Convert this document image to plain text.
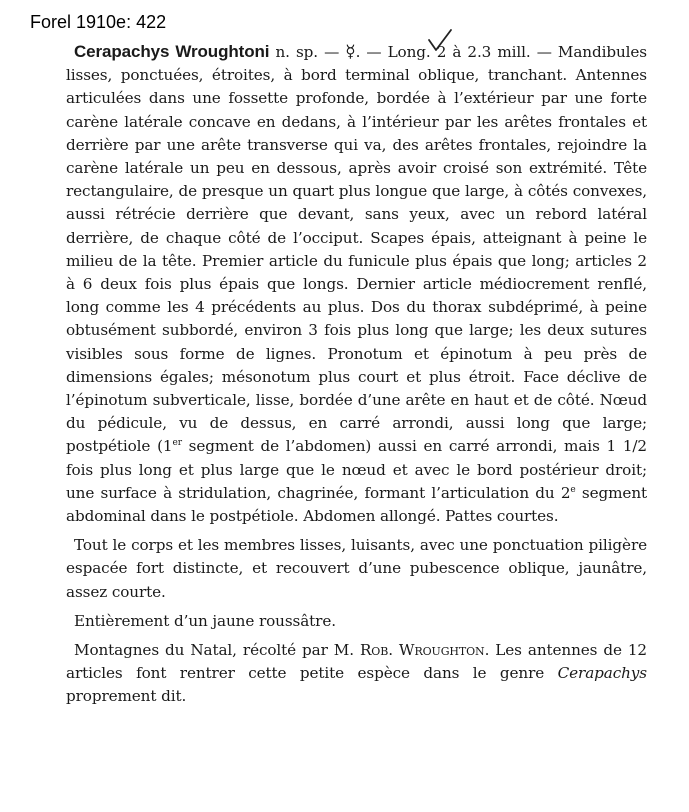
Forel 1910e: 422

Cerapachys Wroughtoni n. sp. — ☿. — Long. 2 à 2.3 mill. — Mandibules lisses, ponctuées, étroites, à bord terminal oblique, tranchant. Antennes articulées dans une fossette profonde, bordée à l’extérieur par une forte carène latérale concave en dedans, à l’intérieur par les arêtes frontales et derrière par une arête transverse qui va, des arêtes frontales, rejoindre la carène latérale un peu en dessous, après avoir croisé son extrémité. Tête rectangulaire, de presque un quart plus longue que large, à côtés convexes, aussi rétrécie derrière que devant, sans yeux, avec un rebord latéral derrière, de chaque côté de l’occiput. Scapes épais, atteignant à peine le milieu de la tête. Premier article du funicule plus épais que long; articles 2 à 6 deux fois plus épais que longs. Dernier article médiocrement renflé, long comme les 4 précédents au plus. Dos du thorax subdéprimé, à peine obtusément subbordé, environ 3 fois plus long que large; les deux sutures visibles sous forme de lignes. Pronotum et épinotum à peu près de dimensions égales; mésonotum plus court et plus étroit. Face déclive de l’épinotum subverticale, lisse, bordée d’une arête en haut et de côté. Nœud du pédicule, vu de dessus, en carré arrondi, aussi long que large; postpétiole (1er segment de l’abdomen) aussi en carré arrondi, mais 1 1/2 fois plus long et plus large que le nœud et avec le bord postérieur droit; une surface à stridulation, chagrinée, formant l’articulation du 2e segment abdominal dans le postpétiole. Abdomen allongé. Pattes courtes.

Tout le corps et les membres lisses, luisants, avec une ponctuation piligère espacée fort distincte, et recouvert d’une pubescence oblique, jaunâtre, assez courte.

Entièrement d’un jaune roussâtre.

Montagnes du Natal, récolté par M. Rob. Wroughton. Les antennes de 12 articles font rentrer cette petite espèce dans le genre Cerapachys proprement dit.
